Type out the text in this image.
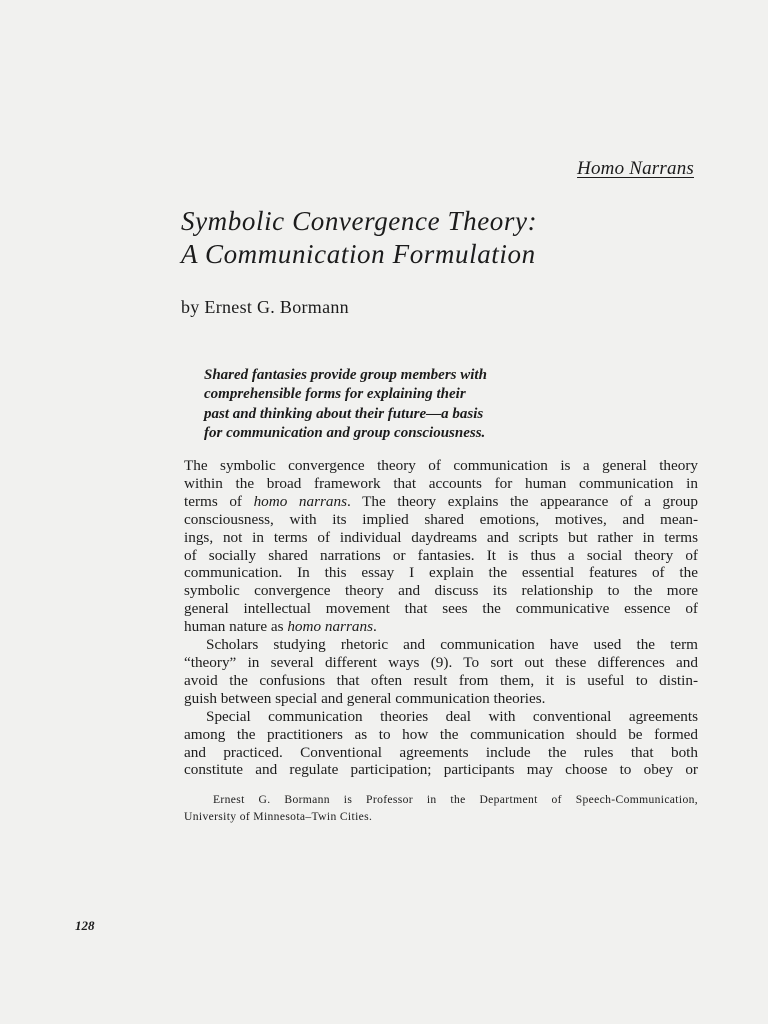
Homo Narrans
Symbolic Convergence Theory:
A Communication Formulation
by Ernest G. Bormann
Shared fantasies provide group members with
comprehensible forms for explaining their
past and thinking about their future—a basis
for communication and group consciousness.
The symbolic convergence theory of communication is a general theory
within the broad framework that accounts for human communication in
terms of homo narrans. The theory explains the appearance of a group
consciousness, with its implied shared emotions, motives, and mean-
ings, not in terms of individual daydreams and scripts but rather in terms
of socially shared narrations or fantasies. It is thus a social theory of
communication. In this essay I explain the essential features of the
symbolic convergence theory and discuss its relationship to the more
general intellectual movement that sees the communicative essence of
human nature as homo narrans.
Scholars studying rhetoric and communication have used the term
“theory” in several different ways (9). To sort out these differences and
avoid the confusions that often result from them, it is useful to distin-
guish between special and general communication theories.
Special communication theories deal with conventional agreements
among the practitioners as to how the communication should be formed
and practiced. Conventional agreements include the rules that both
constitute and regulate participation; participants may choose to obey or
Ernest G. Bormann is Professor in the Department of Speech-Communication,
University of Minnesota–Twin Cities.
128
